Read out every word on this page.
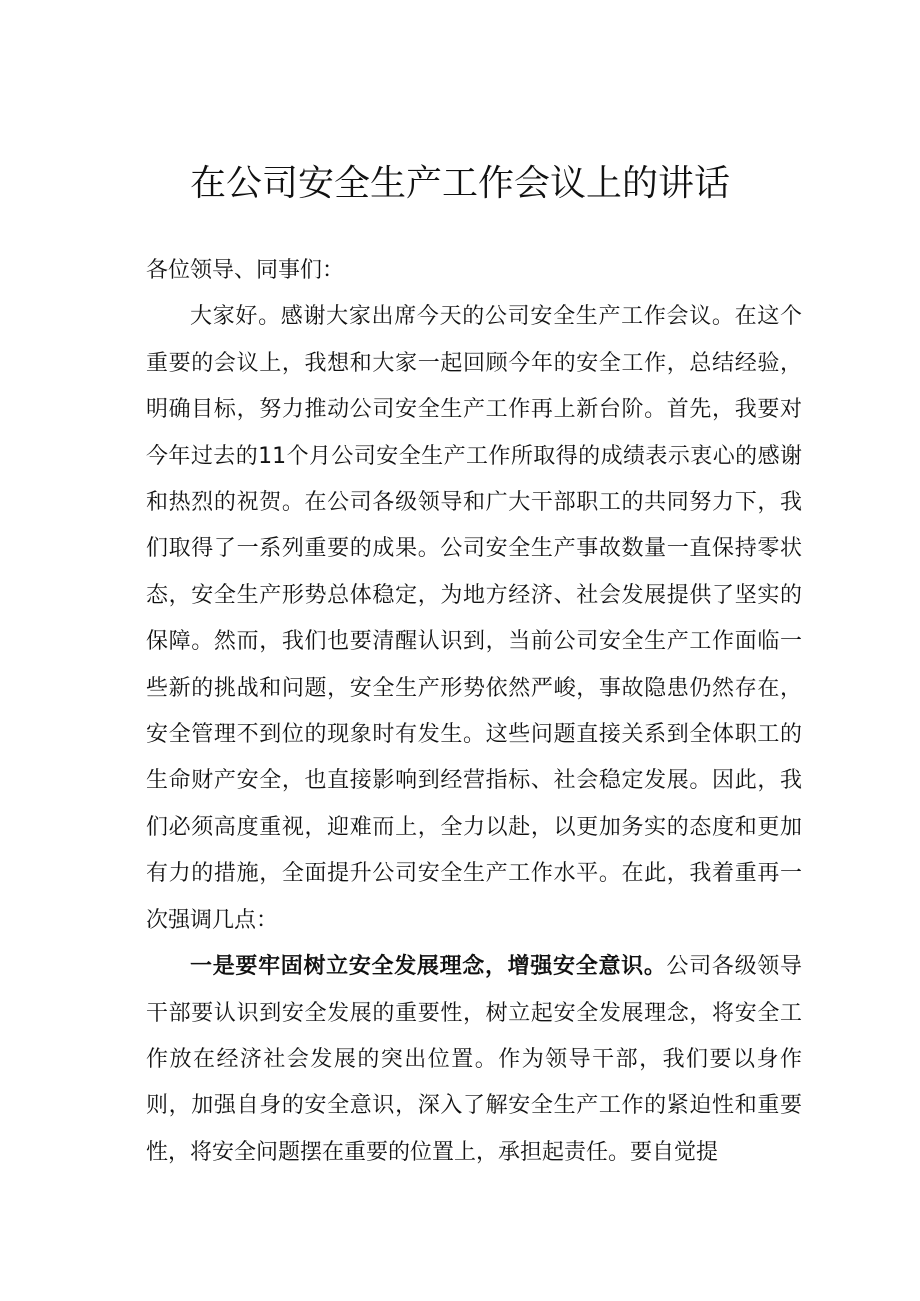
在公司安全生产工作会议上的讲话

各位领导、同事们：

大家好。感谢大家出席今天的公司安全生产工作会议。在这个重要的会议上，我想和大家一起回顾今年的安全工作，总结经验，明确目标，努力推动公司安全生产工作再上新台阶。首先，我要对今年过去的11个月公司安全生产工作所取得的成绩表示衷心的感谢和热烈的祝贺。在公司各级领导和广大干部职工的共同努力下，我们取得了一系列重要的成果。公司安全生产事故数量一直保持零状态，安全生产形势总体稳定，为地方经济、社会发展提供了坚实的保障。然而，我们也要清醒认识到，当前公司安全生产工作面临一些新的挑战和问题，安全生产形势依然严峻，事故隐患仍然存在，安全管理不到位的现象时有发生。这些问题直接关系到全体职工的生命财产安全，也直接影响到经营指标、社会稳定发展。因此，我们必须高度重视，迎难而上，全力以赴，以更加务实的态度和更加有力的措施，全面提升公司安全生产工作水平。在此，我着重再一次强调几点：

一是要牢固树立安全发展理念，增强安全意识。公司各级领导干部要认识到安全发展的重要性，树立起安全发展理念，将安全工作放在经济社会发展的突出位置。作为领导干部，我们要以身作则，加强自身的安全意识，深入了解安全生产工作的紧迫性和重要性，将安全问题摆在重要的位置上，承担起责任。要自觉提
